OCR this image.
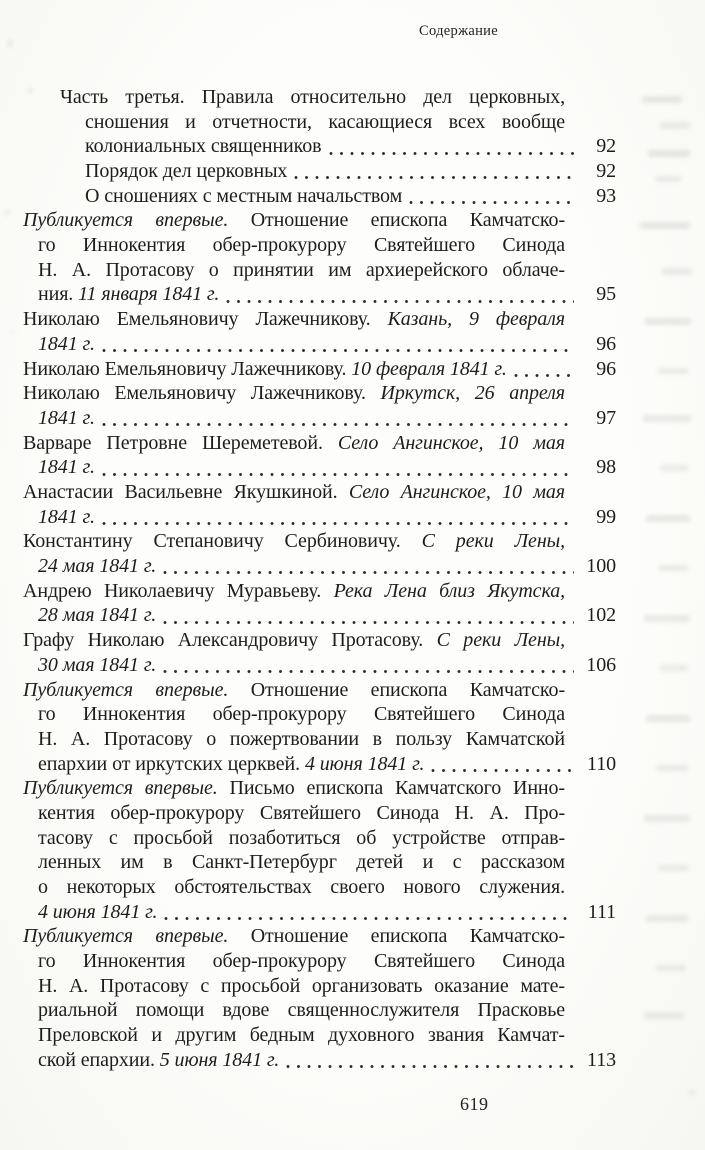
Содержание
Часть третья. Правила относительно дел церковных,
сношения и отчетности, касающиеся всех вообще
колониальных священников	92
Порядок дел церковных	92
О сношениях с местным начальством	93
Публикуется впервые. Отношение епископа Камчатско-
го Иннокентия обер-прокурору Святейшего Синода
Н. А. Протасову о принятии им архиерейского облаче-
ния. 11 января 1841 г.	95
Николаю Емельяновичу Лажечникову. Казань, 9 февраля
1841 г.	96
Николаю Емельяновичу Лажечникову. 10 февраля 1841 г.	96
Николаю Емельяновичу Лажечникову. Иркутск, 26 апреля
1841 г.	97
Варваре Петровне Шереметевой. Село Ангинское, 10 мая
1841 г.	98
Анастасии Васильевне Якушкиной. Село Ангинское, 10 мая
1841 г.	99
Константину Степановичу Сербиновичу. С реки Лены,
24 мая 1841 г.	100
Андрею Николаевичу Муравьеву. Река Лена близ Якутска,
28 мая 1841 г.	102
Графу Николаю Александровичу Протасову. С реки Лены,
30 мая 1841 г.	106
Публикуется впервые. Отношение епископа Камчатско-
го Иннокентия обер-прокурору Святейшего Синода
Н. А. Протасову о пожертвовании в пользу Камчатской
епархии от иркутских церквей. 4 июня 1841 г.	110
Публикуется впервые. Письмо епископа Камчатского Инно-
кентия обер-прокурору Святейшего Синода Н. А. Про-
тасову с просьбой позаботиться об устройстве отправ-
ленных им в Санкт-Петербург детей и с рассказом
о некоторых обстоятельствах своего нового служения.
4 июня 1841 г.	111
Публикуется впервые. Отношение епископа Камчатско-
го Иннокентия обер-прокурору Святейшего Синода
Н. А. Протасову с просьбой организовать оказание мате-
риальной помощи вдове священнослужителя Прасковье
Преловской и другим бедным духовного звания Камчат-
ской епархии. 5 июня 1841 г.	113
619
